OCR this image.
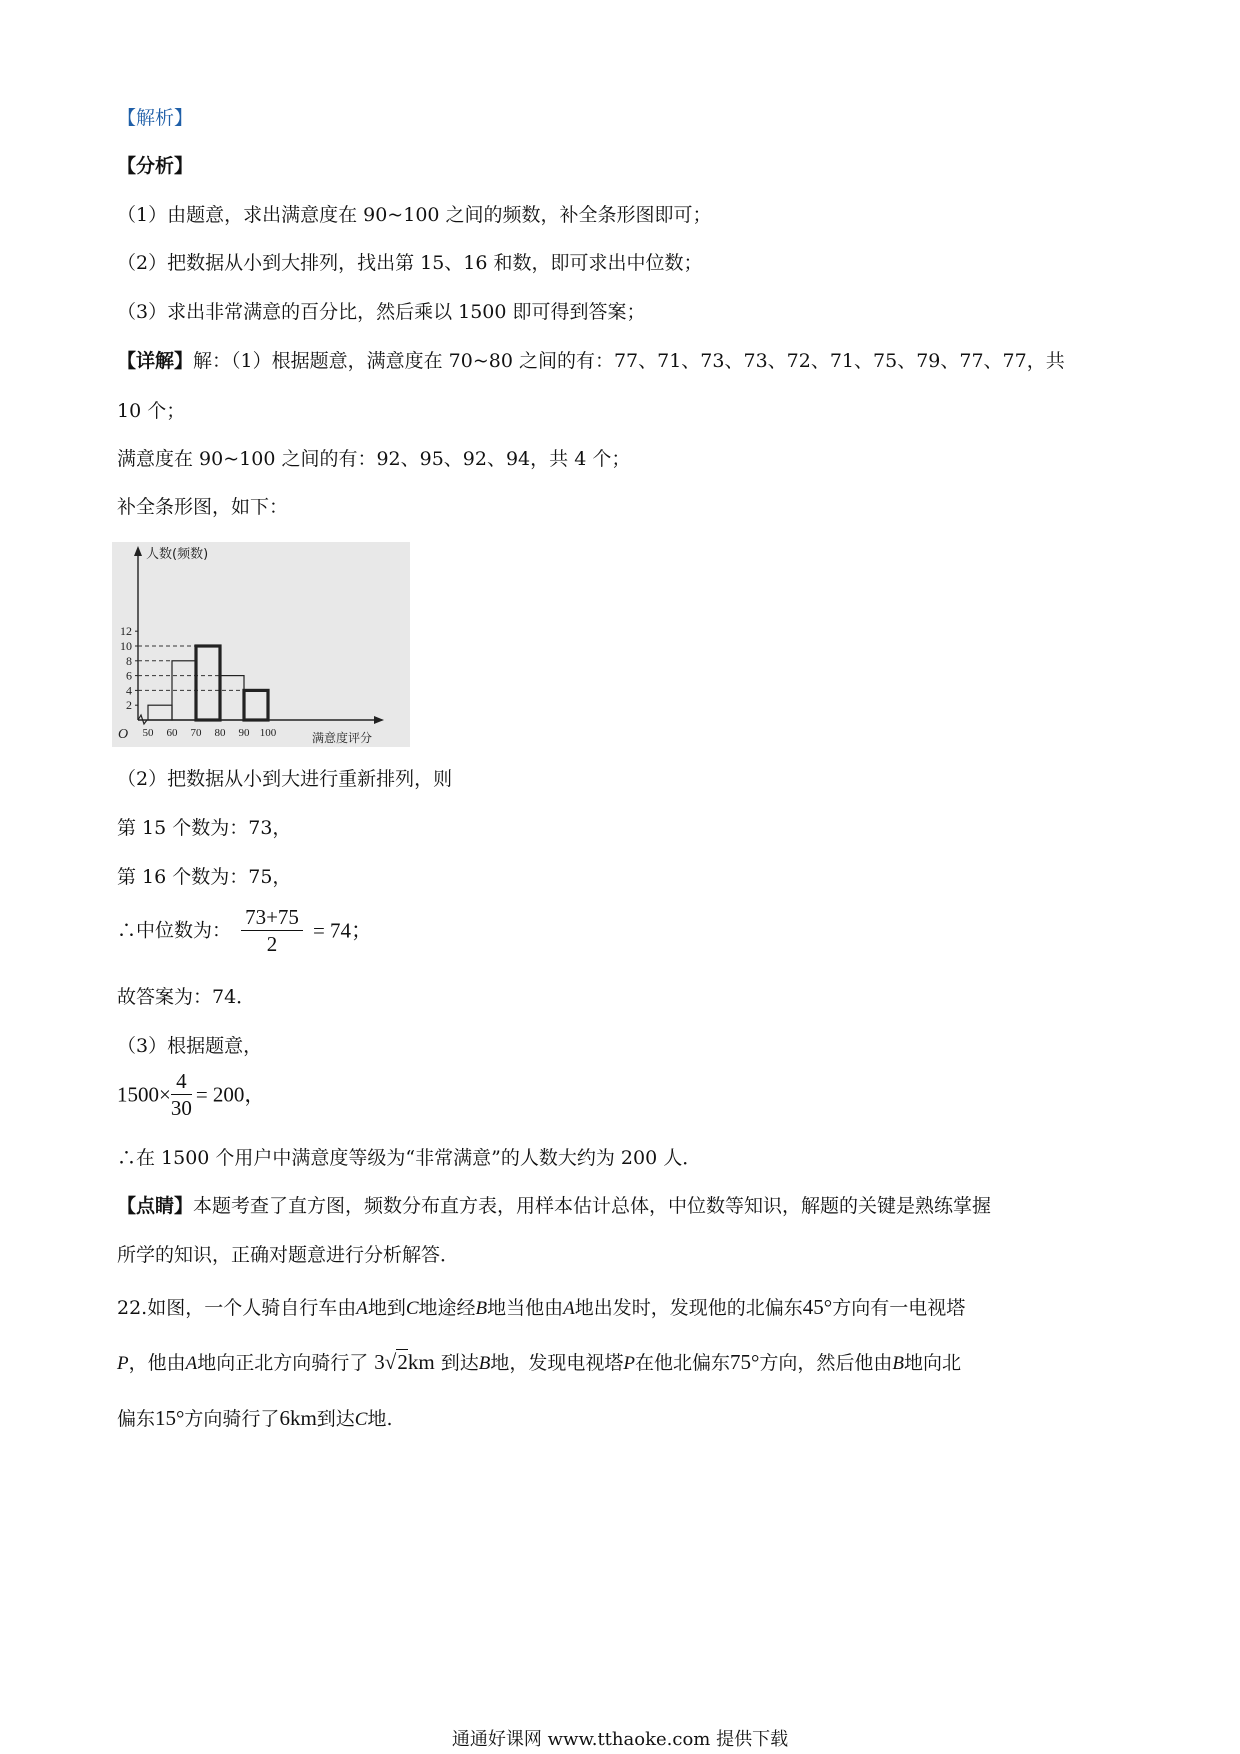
【解析】
【分析】
（1）由题意，求出满意度在 90~100 之间的频数，补全条形图即可；
（2）把数据从小到大排列，找出第 15、16 和数，即可求出中位数；
（3）求出非常满意的百分比，然后乘以 1500 即可得到答案；
【详解】解：（1）根据题意，满意度在 70~80 之间的有：77、71、73、73、72、71、75、79、77、77，共
10 个；
满意度在 90~100 之间的有：92、95、92、94，共 4 个；
补全条形图，如下：
人数(频数)
满意度评分
O
2
4
6
8
10
12
50 60 70 80 90 100
（2）把数据从小到大进行重新排列，则
第 15 个数为：73，
第 16 个数为：75，
∴中位数为： $\frac{73+75}{2} = 74$；
故答案为：74．
（3）根据题意，
$1500\times \frac{4}{30} = 200$，
∴在 1500 个用户中满意度等级为“非常满意”的人数大约为 200 人．
【点睛】本题考查了直方图，频数分布直方表，用样本估计总体，中位数等知识，解题的关键是熟练掌握
所学的知识，正确对题意进行分析解答．
22.如图，一个人骑自行车由A地到C地途经B地当他由A地出发时，发现他的北偏东45°方向有一电视塔
P，他由A地向正北方向骑行了 3√2km 到达B地，发现电视塔P在他北偏东75°方向，然后他由B地向北
偏东15°方向骑行了6km到达C地.
通通好课网 www.tthaoke.com 提供下载
